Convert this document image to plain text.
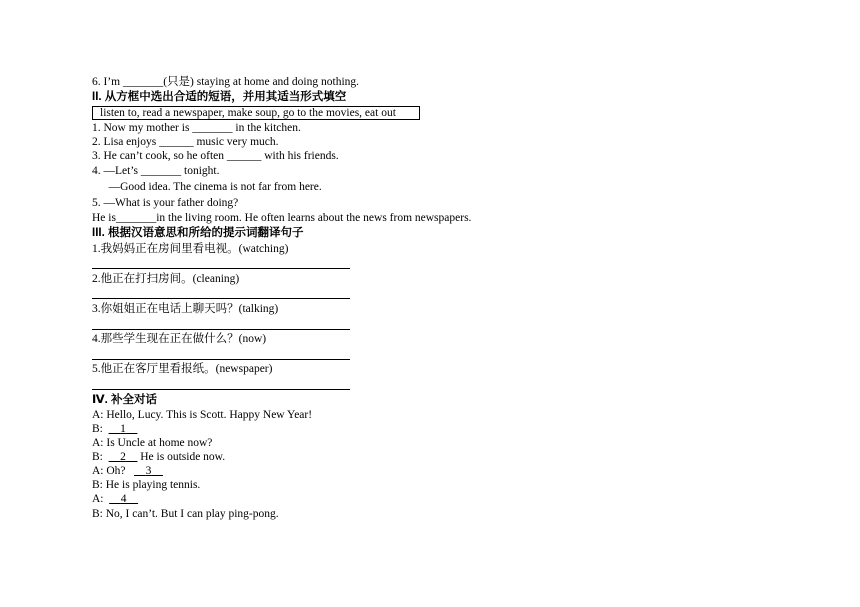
6. I’m _______(只是) staying at home and doing nothing.
II. 从方框中选出合适的短语，并用其适当形式填空
listen to, read a newspaper, make soup, go to the movies, eat out
1. Now my mother is _______ in the kitchen.
2. Lisa enjoys ______ music very much.
3. He can’t cook, so he often ______ with his friends.
4. —Let’s _______ tonight.
—Good idea. The cinema is not far from here.
5. —What is your father doing?
He is_______in the living room. He often learns about the news from newspapers.
III. 根据汉语意思和所给的提示词翻译句子
1.我妈妈正在房间里看电视。(watching)
2.他正在打扫房间。(cleaning)
3.你姐姐正在电话上聊天吗？(talking)
4.那些学生现在正在做什么？(now)
5.他正在客厅里看报纸。(newspaper)
Ⅳ. 补全对话
A: Hello, Lucy. This is Scott. Happy New Year!
B: __1__
A: Is Uncle at home now?
B: __2__ He is outside now.
A: Oh?   __3__
B: He is playing tennis.
A: __4__
B: No, I can’t. But I can play ping-pong.
